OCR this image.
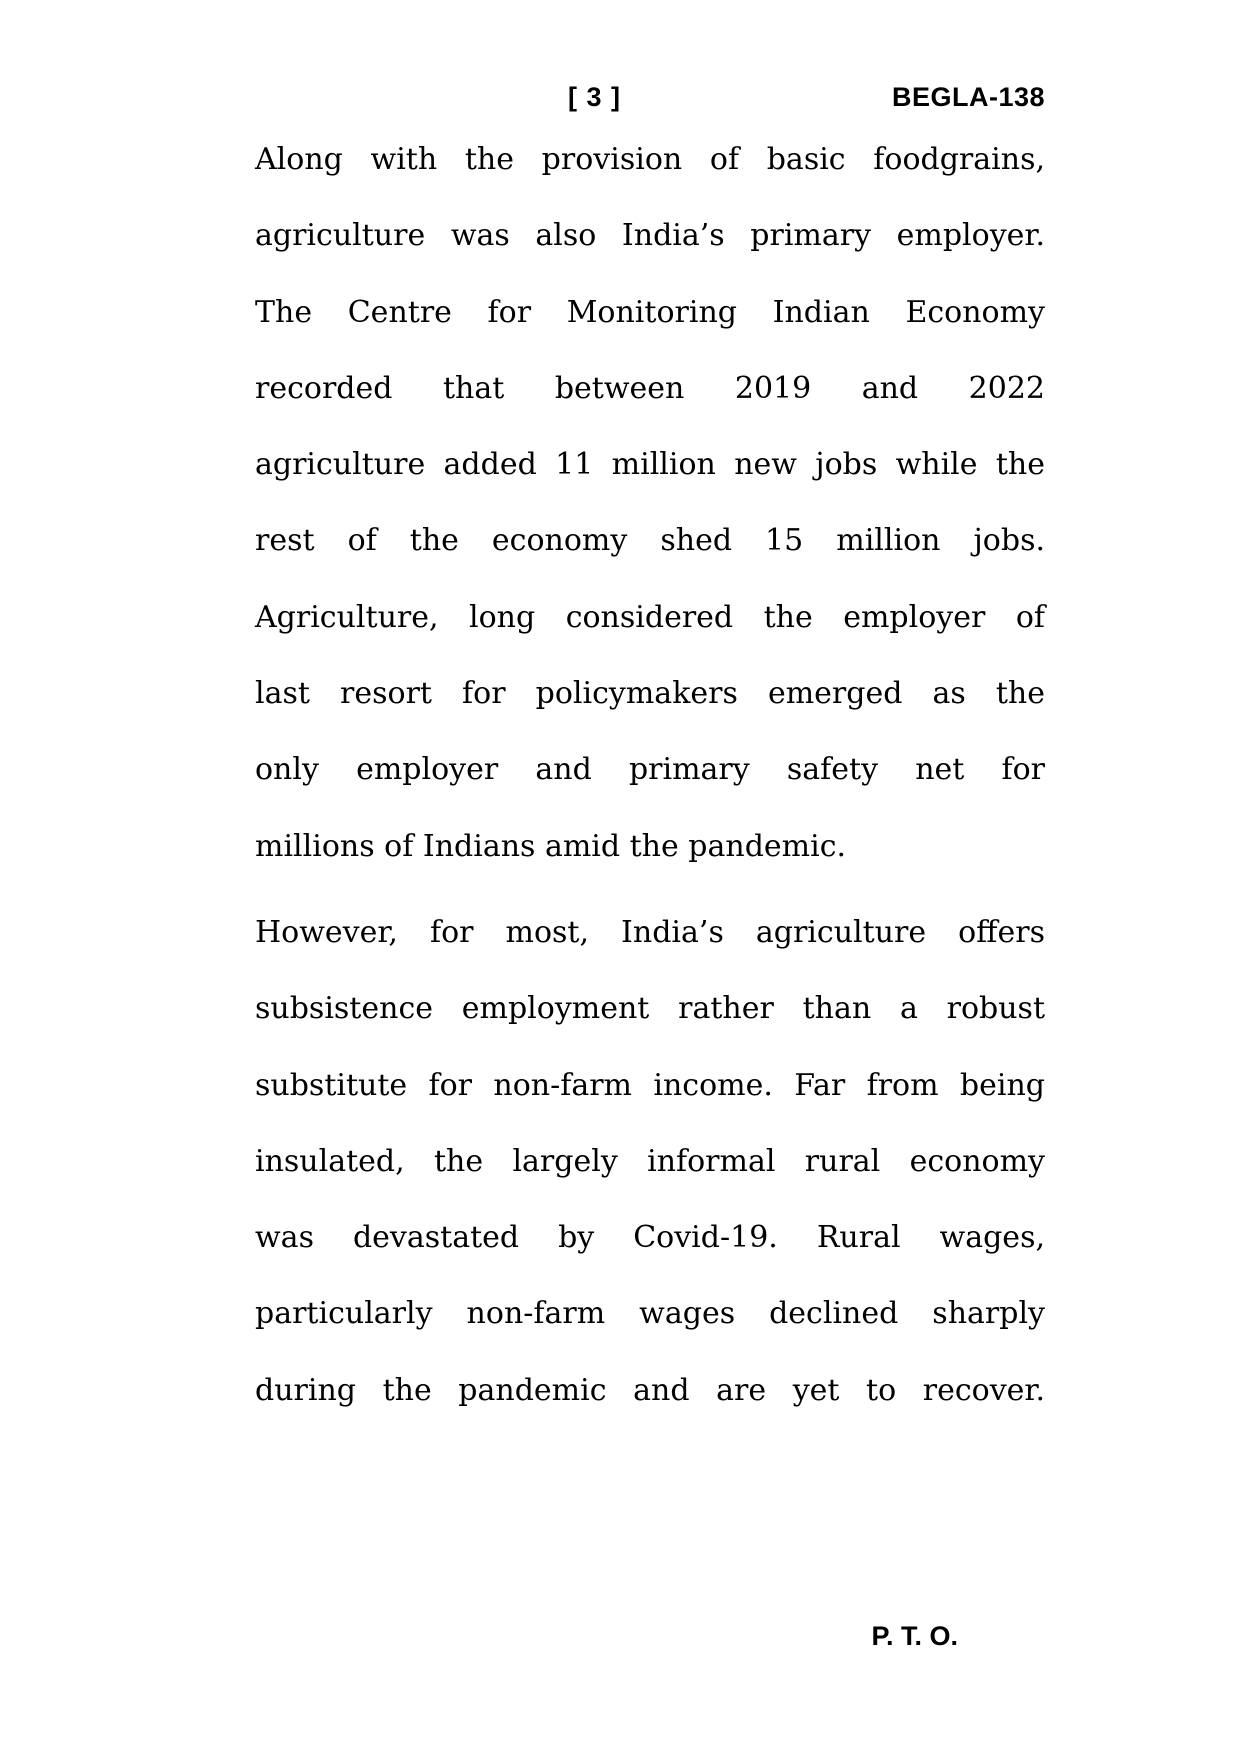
[ 3 ]	BEGLA-138
Along with the provision of basic foodgrains,
agriculture was also India’s primary employer.
The Centre for Monitoring Indian Economy
recorded that between 2019 and 2022
agriculture added 11 million new jobs while the
rest of the economy shed 15 million jobs.
Agriculture, long considered the employer of
last resort for policymakers emerged as the
only employer and primary safety net for
millions of Indians amid the pandemic.
However, for most, India’s agriculture offers
subsistence employment rather than a robust
substitute for non-farm income. Far from being
insulated, the largely informal rural economy
was devastated by Covid-19. Rural wages,
particularly non-farm wages declined sharply
during the pandemic and are yet to recover.
P. T. O.
